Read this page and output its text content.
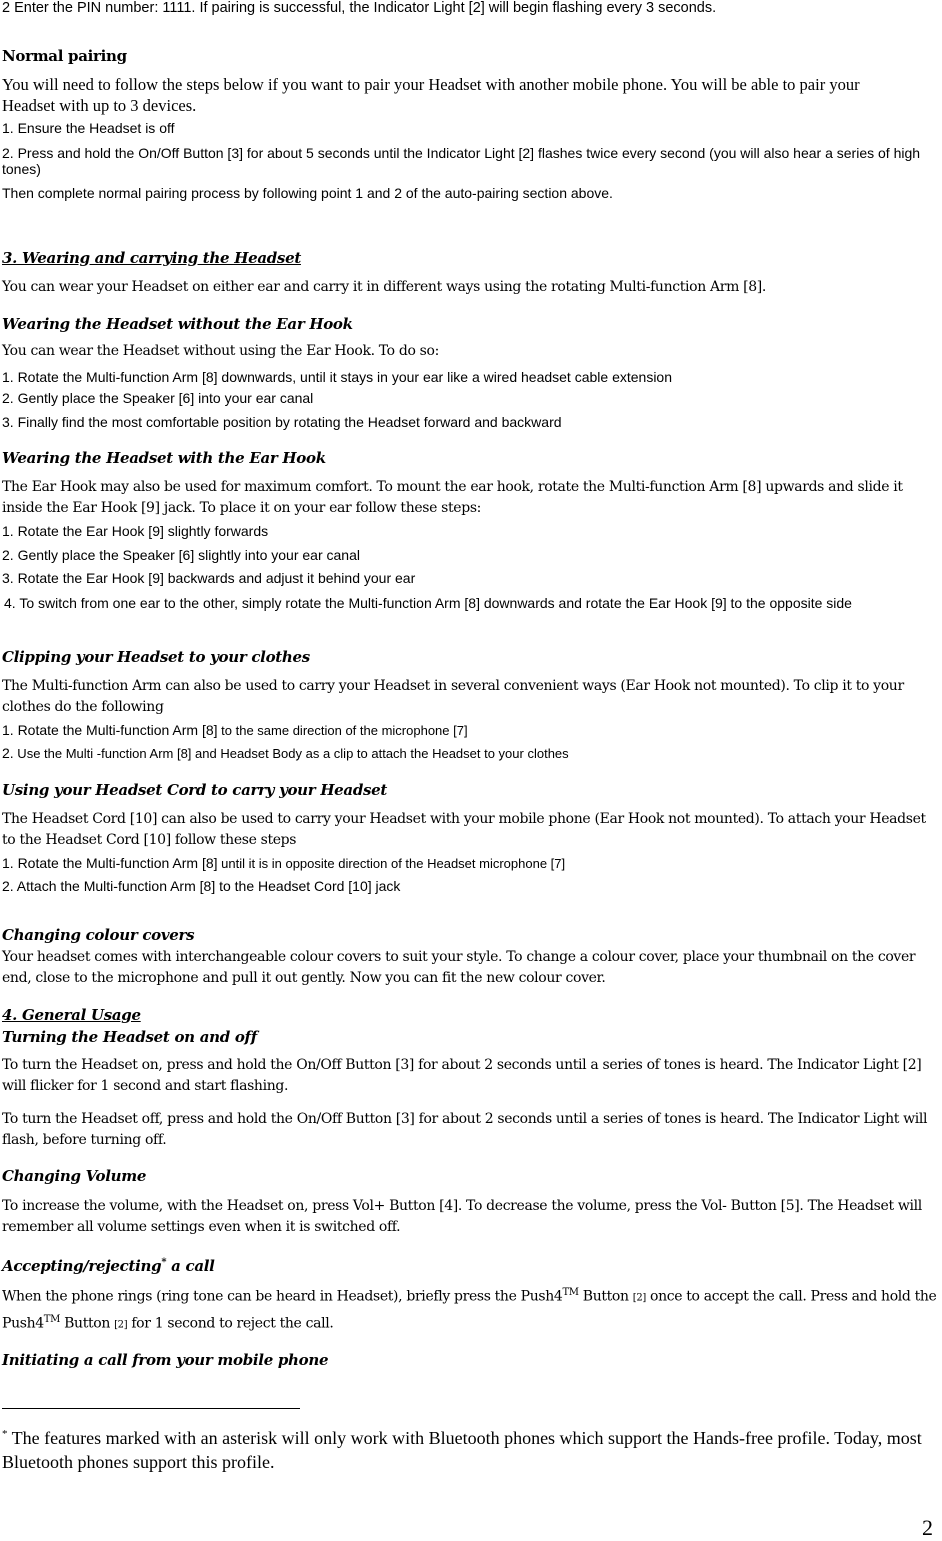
2 Enter the PIN number: 1111. If pairing is successful, the Indicator Light [2] will begin flashing every 3 seconds.

Normal pairing

You will need to follow the steps below if you want to pair your Headset with another mobile phone. You will be able to pair your Headset with up to 3 devices.

1. Ensure the Headset is off

2. Press and hold the On/Off Button [3] for about 5 seconds until the Indicator Light [2] flashes twice every second (you will also hear a series of high tones)

Then complete normal pairing process by following point 1 and 2 of the auto-pairing section above.

3. Wearing and carrying the Headset

You can wear your Headset on either ear and carry it in different ways using the rotating Multi-function Arm [8].

Wearing the Headset without the Ear Hook

You can wear the Headset without using the Ear Hook. To do so:

1. Rotate the Multi-function Arm [8] downwards, until it stays in your ear like a wired headset cable extension

2. Gently place the Speaker [6] into your ear canal

3. Finally find the most comfortable position by rotating the Headset forward and backward

Wearing the Headset with the Ear Hook

The Ear Hook may also be used for maximum comfort. To mount the ear hook, rotate the Multi-function Arm [8] upwards and slide it inside the Ear Hook [9] jack. To place it on your ear follow these steps:

1. Rotate the Ear Hook [9] slightly forwards

2. Gently place the Speaker [6] slightly into your ear canal

3. Rotate the Ear Hook [9] backwards and adjust it behind your ear

4. To switch from one ear to the other, simply rotate the Multi-function Arm [8] downwards and rotate the Ear Hook [9] to the opposite side

Clipping your Headset to your clothes

The Multi-function Arm can also be used to carry your Headset in several convenient ways (Ear Hook not mounted). To clip it to your clothes do the following

1. Rotate the Multi-function Arm [8] to the same direction of the microphone [7]

2. Use the Multi -function Arm [8] and Headset Body as a clip to attach the Headset to your clothes

Using your Headset Cord to carry your Headset

The Headset Cord [10] can also be used to carry your Headset with your mobile phone (Ear Hook not mounted). To attach your Headset to the Headset Cord [10] follow these steps

1. Rotate the Multi-function Arm [8] until it is in opposite direction of the Headset microphone [7]

2. Attach the Multi-function Arm [8] to the Headset Cord [10] jack

Changing colour covers

Your headset comes with interchangeable colour covers to suit your style. To change a colour cover, place your thumbnail on the cover end, close to the microphone and pull it out gently. Now you can fit the new colour cover.

4. General Usage

Turning the Headset on and off

To turn the Headset on, press and hold the On/Off Button [3] for about 2 seconds until a series of tones is heard. The Indicator Light [2] will flicker for 1 second and start flashing.

To turn the Headset off, press and hold the On/Off Button [3] for about 2 seconds until a series of tones is heard. The Indicator Light will flash, before turning off.

Changing Volume

To increase the volume, with the Headset on, press Vol+ Button [4]. To decrease the volume, press the Vol- Button [5]. The Headset will remember all volume settings even when it is switched off.

Accepting/rejecting* a call

When the phone rings (ring tone can be heard in Headset), briefly press the Push4™ Button [2] once to accept the call. Press and hold the Push4™ Button [2] for 1 second to reject the call.

Initiating a call from your mobile phone

* The features marked with an asterisk will only work with Bluetooth phones which support the Hands-free profile. Today, most Bluetooth phones support this profile.

2
